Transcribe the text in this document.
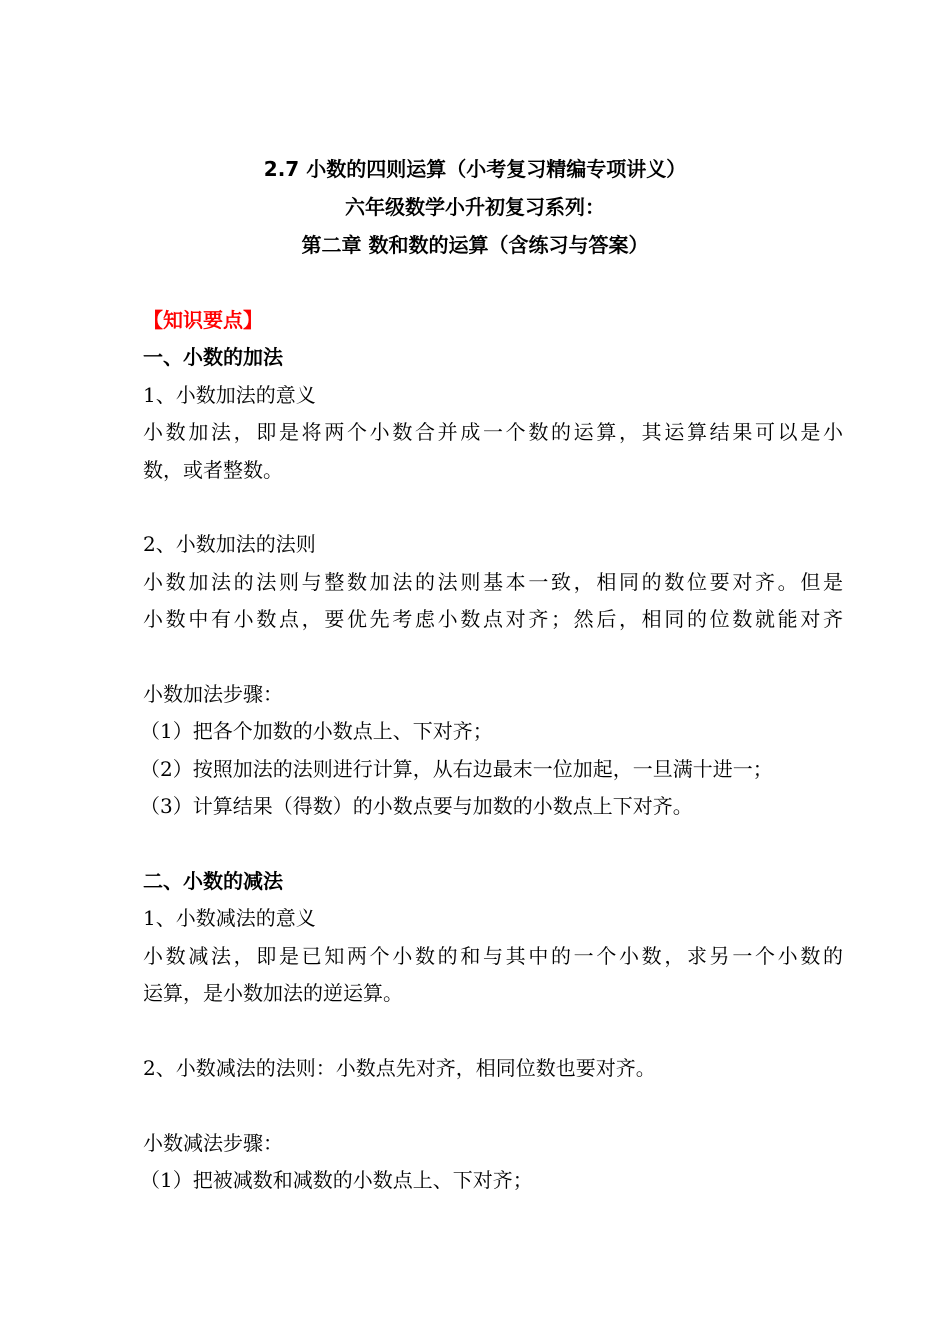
2.7 小数的四则运算（小考复习精编专项讲义）
六年级数学小升初复习系列：
第二章 数和数的运算（含练习与答案）
【知识要点】
一、小数的加法
1、小数加法的意义
小数加法，即是将两个小数合并成一个数的运算，其运算结果可以是小
数，或者整数。
2、小数加法的法则
小数加法的法则与整数加法的法则基本一致，相同的数位要对齐。但是
小数中有小数点，要优先考虑小数点对齐；然后，相同的位数就能对齐
小数加法步骤：
（1）把各个加数的小数点上、下对齐；
（2）按照加法的法则进行计算，从右边最末一位加起，一旦满十进一；
（3）计算结果（得数）的小数点要与加数的小数点上下对齐。
二、小数的减法
1、小数减法的意义
小数减法，即是已知两个小数的和与其中的一个小数，求另一个小数的
运算，是小数加法的逆运算。
2、小数减法的法则：小数点先对齐，相同位数也要对齐。
小数减法步骤：
（1）把被减数和减数的小数点上、下对齐；
